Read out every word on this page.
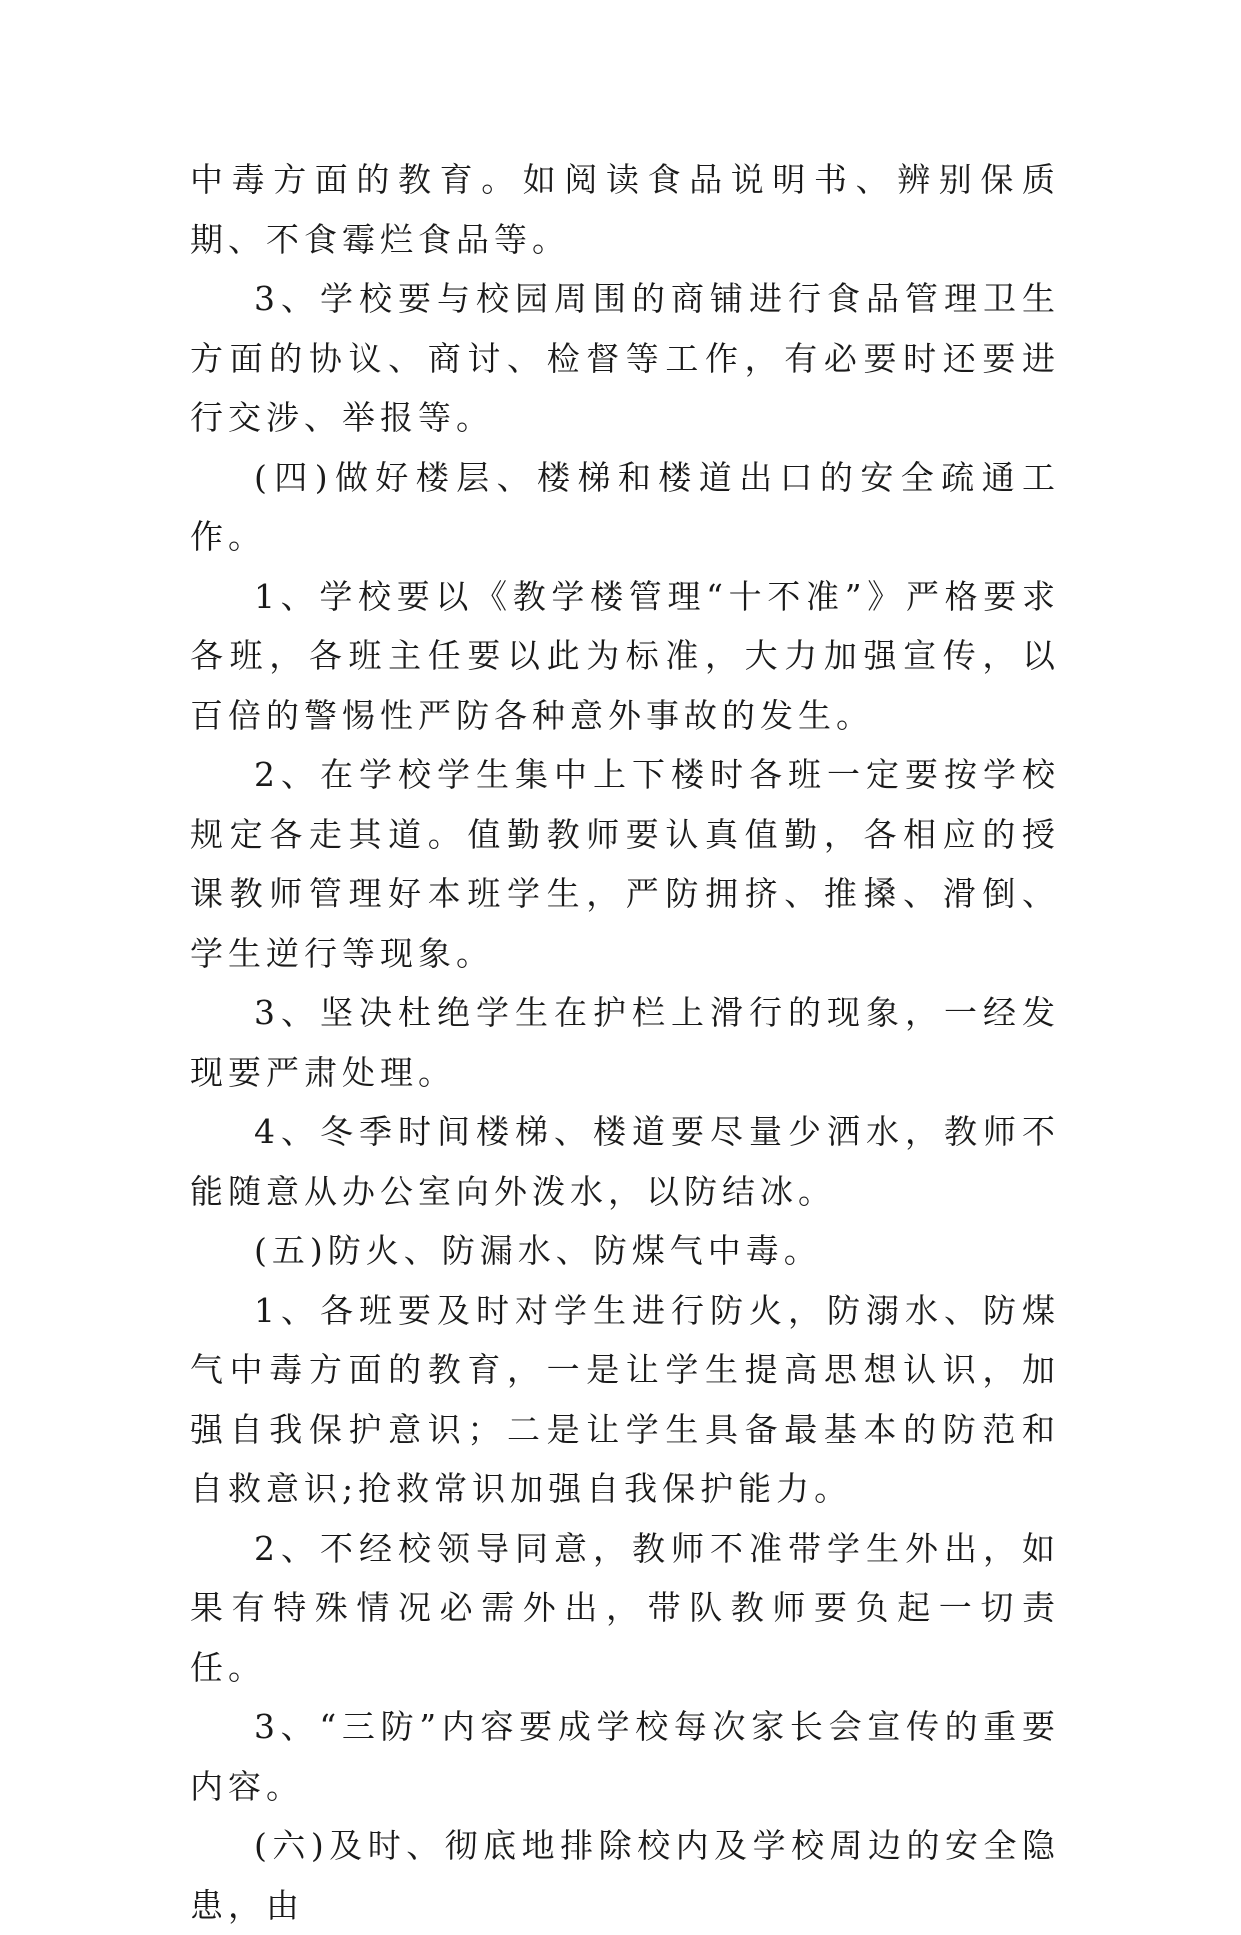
中毒方面的教育。如阅读食品说明书、辨别保质期、不食霉烂食品等。

3、学校要与校园周围的商铺进行食品管理卫生方面的协议、商讨、检督等工作，有必要时还要进行交涉、举报等。

(四)做好楼层、楼梯和楼道出口的安全疏通工作。

1、学校要以《教学楼管理“十不准”》严格要求各班，各班主任要以此为标准，大力加强宣传，以百倍的警惕性严防各种意外事故的发生。

2、在学校学生集中上下楼时各班一定要按学校规定各走其道。值勤教师要认真值勤，各相应的授课教师管理好本班学生，严防拥挤、推搡、滑倒、学生逆行等现象。

3、坚决杜绝学生在护栏上滑行的现象，一经发现要严肃处理。

4、冬季时间楼梯、楼道要尽量少洒水，教师不能随意从办公室向外泼水，以防结冰。

(五)防火、防漏水、防煤气中毒。

1、各班要及时对学生进行防火，防溺水、防煤气中毒方面的教育，一是让学生提高思想认识，加强自我保护意识；二是让学生具备最基本的防范和自救意识;抢救常识加强自我保护能力。

2、不经校领导同意，教师不准带学生外出，如果有特殊情况必需外出，带队教师要负起一切责任。

3、“三防”内容要成学校每次家长会宣传的重要内容。

(六)及时、彻底地排除校内及学校周边的安全隐患，由
